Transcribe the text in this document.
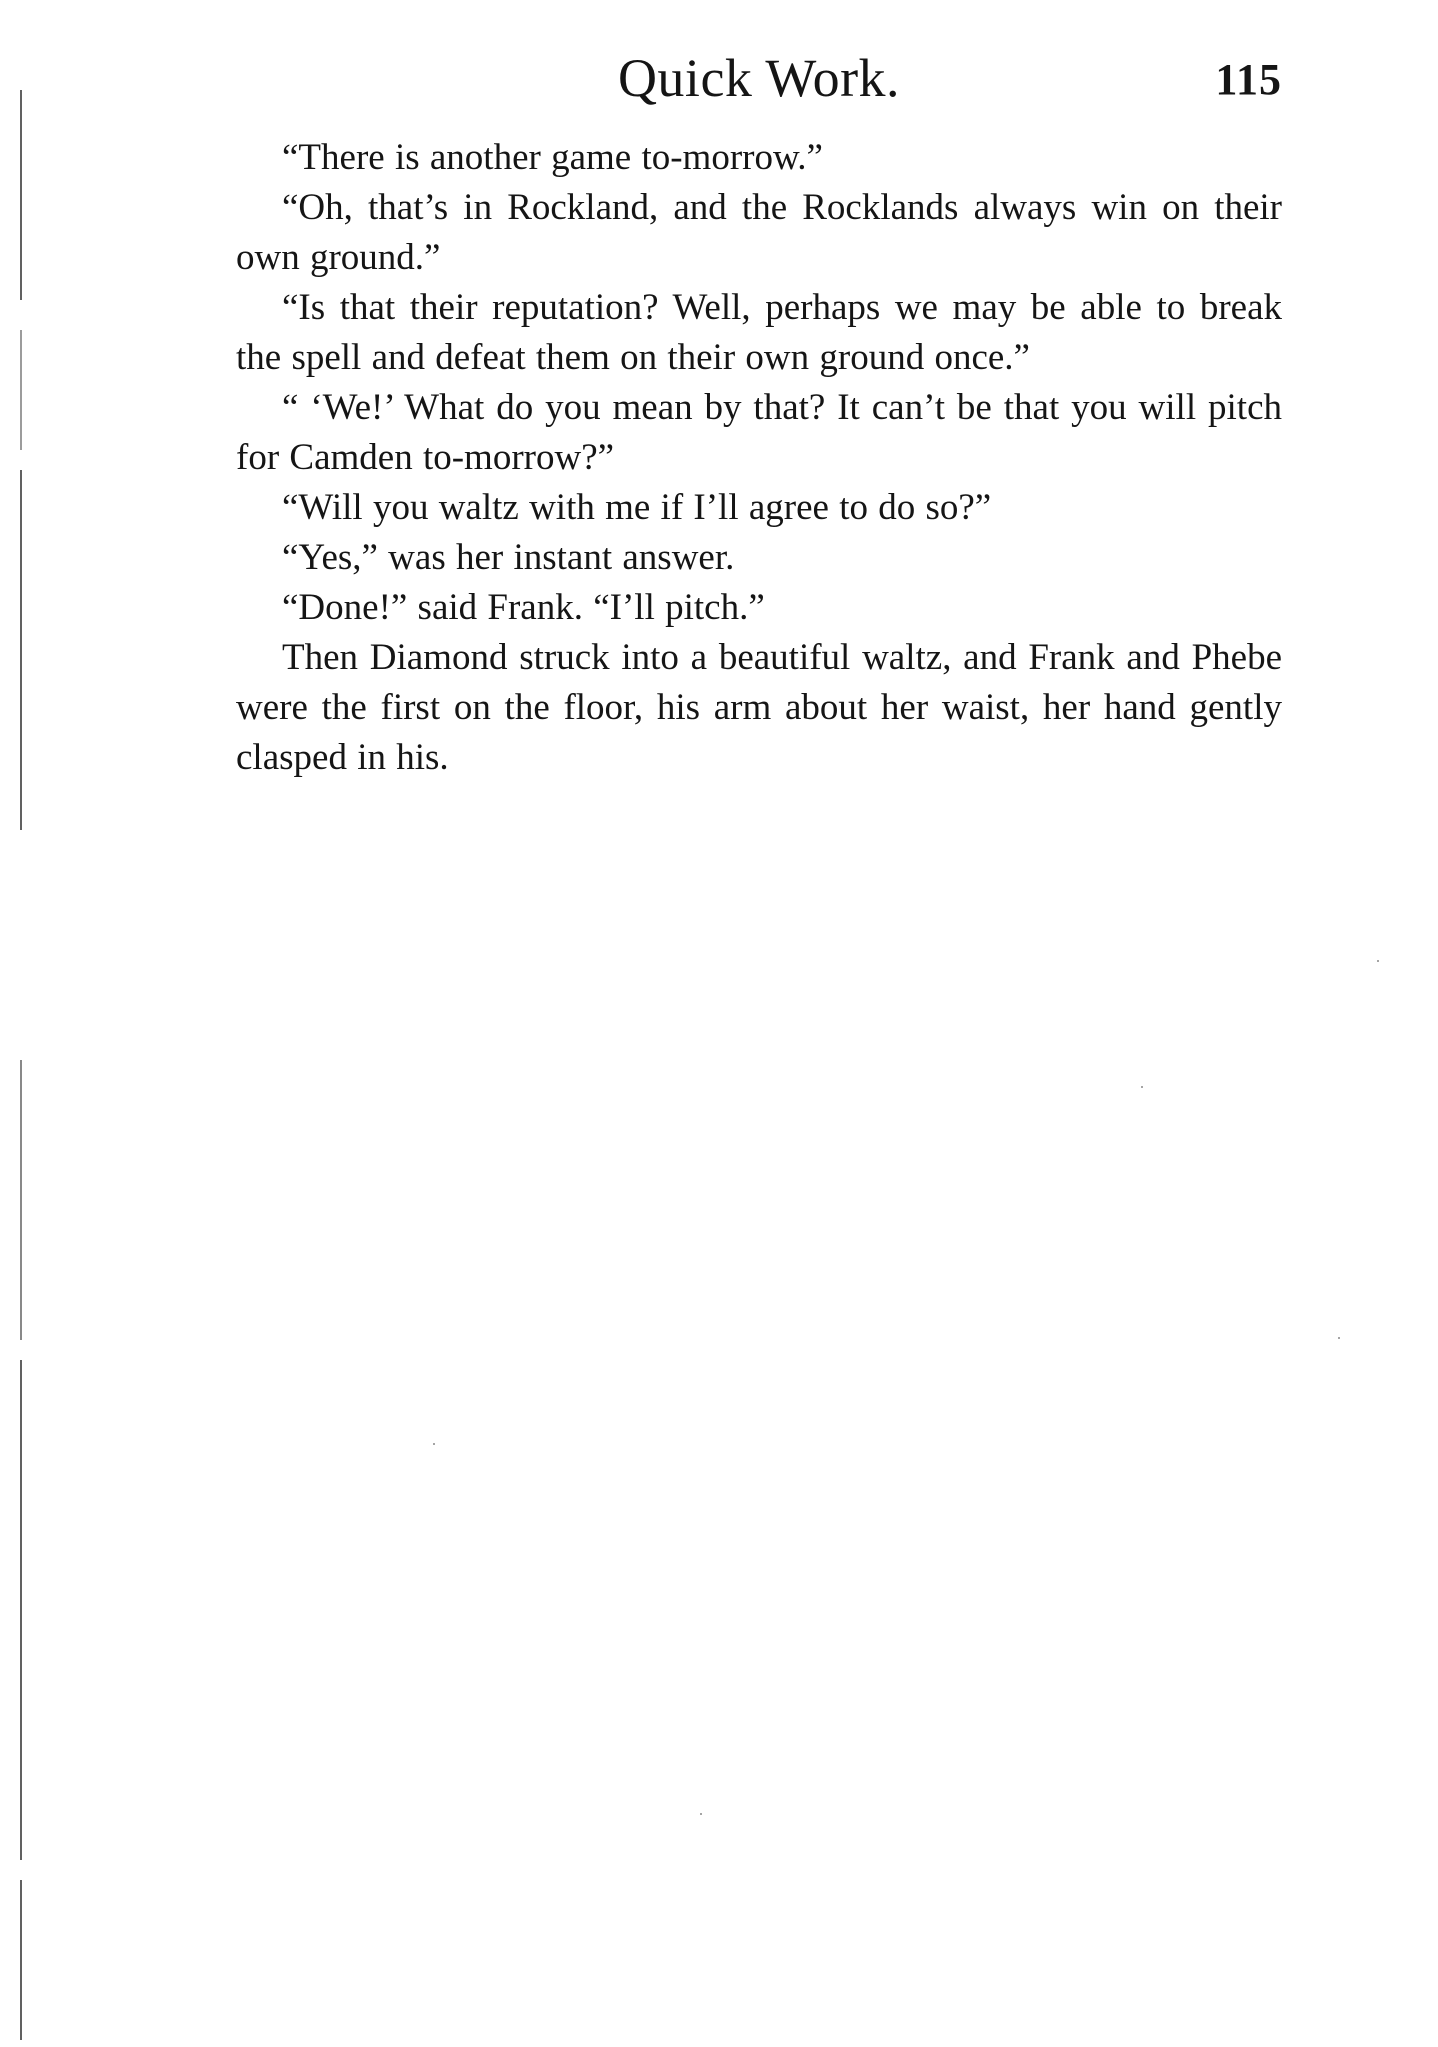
Quick Work.	115

“There is another game to-morrow.”

“Oh, that’s in Rockland, and the Rocklands always win on their own ground.”

“Is that their reputation? Well, perhaps we may be able to break the spell and defeat them on their own ground once.”

“ ‘We!’ What do you mean by that? It can’t be that you will pitch for Camden to-morrow?”

“Will you waltz with me if I’ll agree to do so?”

“Yes,” was her instant answer.

“Done!” said Frank. “I’ll pitch.”

Then Diamond struck into a beautiful waltz, and Frank and Phebe were the first on the floor, his arm about her waist, her hand gently clasped in his.
